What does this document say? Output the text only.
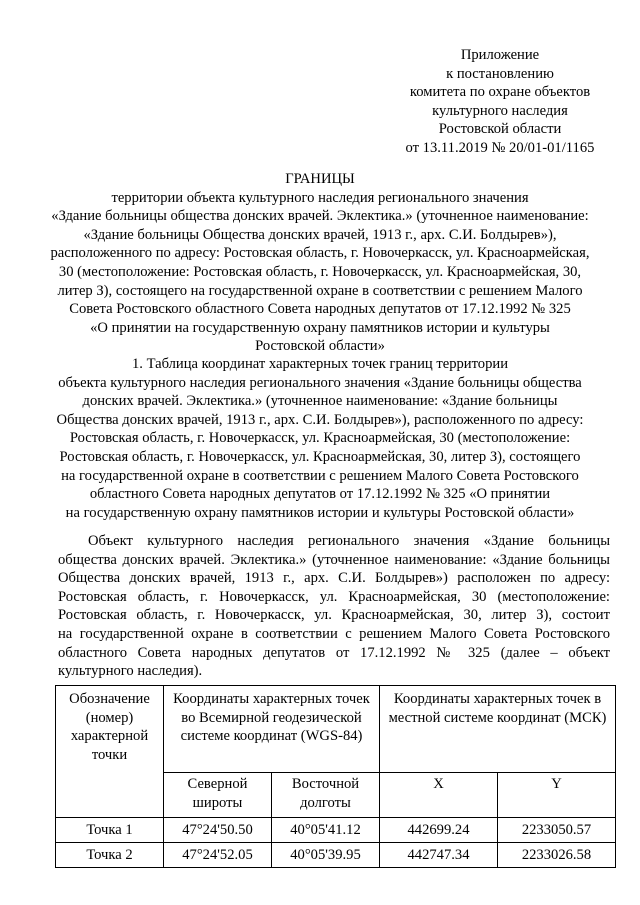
Приложение
к постановлению
комитета по охране объектов
культурного наследия
Ростовской области
от 13.11.2019 № 20/01-01/1165
ГРАНИЦЫ
территории объекта культурного наследия регионального значения
«Здание больницы общества донских врачей. Эклектика.» (уточненное наименование:
«Здание больницы Общества донских врачей, 1913 г., арх. С.И. Болдырев»),
расположенного по адресу: Ростовская область, г. Новочеркасск, ул. Красноармейская,
30 (местоположение: Ростовская область, г. Новочеркасск, ул. Красноармейская, 30,
литер З), состоящего на государственной охране в соответствии с решением Малого
Совета Ростовского областного Совета народных депутатов от 17.12.1992 № 325
«О принятии на государственную охрану памятников истории и культуры
Ростовской области»
1. Таблица координат характерных точек границ территории
объекта культурного наследия регионального значения «Здание больницы общества
донских врачей. Эклектика.» (уточненное наименование: «Здание больницы
Общества донских врачей, 1913 г., арх. С.И. Болдырев»), расположенного по адресу:
Ростовская область, г. Новочеркасск, ул. Красноармейская, 30 (местоположение:
Ростовская область, г. Новочеркасск, ул. Красноармейская, 30, литер З), состоящего
на государственной охране в соответствии с решением Малого Совета Ростовского
областного Совета народных депутатов от 17.12.1992 № 325 «О принятии
на государственную охрану памятников истории и культуры Ростовской области»
Объект культурного наследия регионального значения «Здание больницы
общества донских врачей. Эклектика.» (уточненное наименование: «Здание больницы
Общества донских врачей, 1913 г., арх. С.И. Болдырев») расположен по адресу:
Ростовская область, г. Новочеркасск, ул. Красноармейская, 30 (местоположение:
Ростовская область, г. Новочеркасск, ул. Красноармейская, 30, литер З), состоит
на государственной охране в соответствии с решением Малого Совета Ростовского
областного Совета народных депутатов от 17.12.1992 № 325 (далее – объект
культурного наследия).
Обозначение (номер) характерной точки	Координаты характерных точек во Всемирной геодезической системе координат (WGS-84)		Координаты характерных точек в местной системе координат (МСК)	
	Северной широты	Восточной долготы	X	Y
Точка 1	47°24'50.50	40°05'41.12	442699.24	2233050.57
Точка 2	47°24'52.05	40°05'39.95	442747.34	2233026.58
